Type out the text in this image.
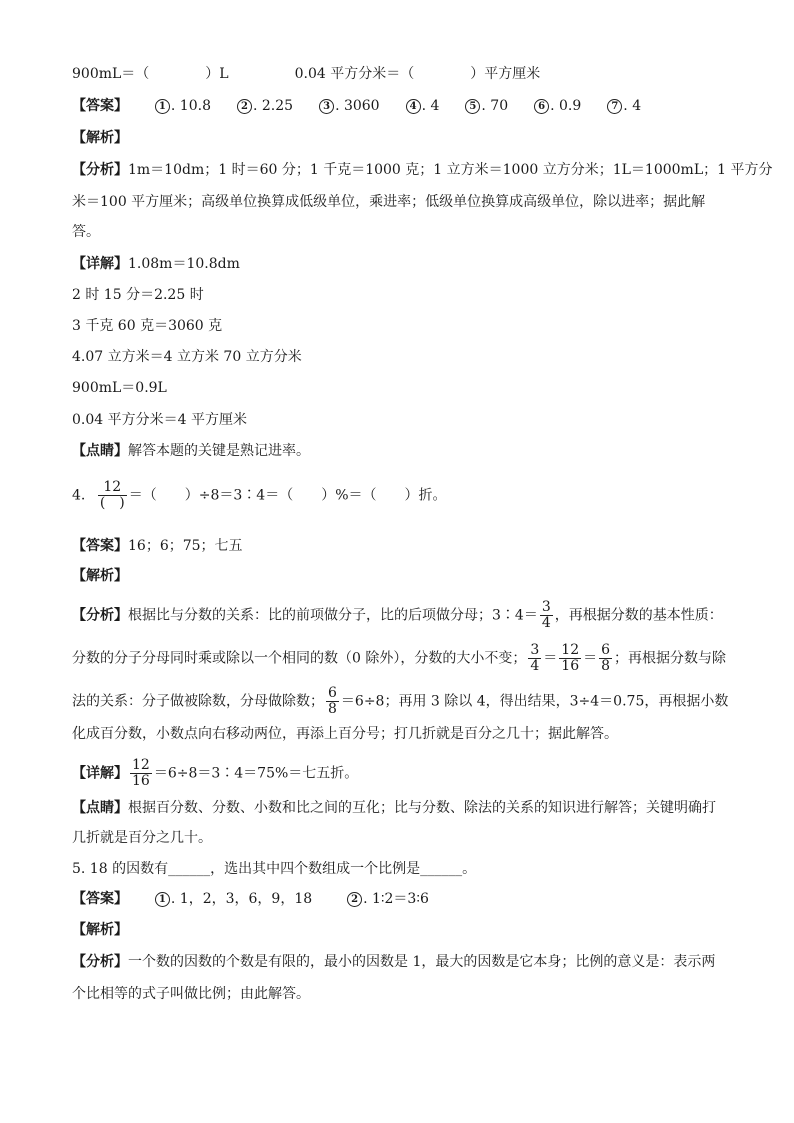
900mL＝（　　　　）L	0.04 平方分米＝（　　　　）平方厘米
【答案】	1 . 10.8	2 . 2.25	3 . 3060	4 . 4	5 . 70	6 . 0.9	7 . 4
【解析】
【分析】1m＝10dm；1 时＝60 分；1 千克＝1000 克；1 立方米＝1000 立方分米；1L＝1000mL；1 平方分
米＝100 平方厘米；高级单位换算成低级单位，乘进率；低级单位换算成高级单位，除以进率；据此解
答。
【详解】1.08m＝10.8dm
2 时 15 分＝2.25 时
3 千克 60 克＝3060 克
4.07 立方米＝4 立方米 70 立方分米
900mL＝0.9L
0.04 平方分米＝4 平方厘米
【点睛】解答本题的关键是熟记进率。
4. $\frac{12}{( )}$ ＝（　　）÷8＝3∶4＝（　　）%＝（　　）折。
【答案】16；6；75；七五
【解析】
【分析】根据比与分数的关系：比的前项做分子，比的后项做分母；3∶4＝ $\frac{3}{4}$ ，再根据分数的基本性质：
分数的分子分母同时乘或除以一个相同的数（0 除外），分数的大小不变； $\frac{3}{4} = \frac{12}{16} = \frac{6}{8}$ ；再根据分数与除
法的关系：分子做被除数，分母做除数； $\frac{6}{8} =6\div 8$；再用 3 除以 4，得出结果，3÷4＝0.75，再根据小数
化成百分数，小数点向右移动两位，再添上百分号；打几折就是百分之几十；据此解答。
【详解】 $\frac{12}{16}$ ＝6÷8＝3∶4＝75%＝七五折。
【点睛】根据百分数、分数、小数和比之间的互化；比与分数、除法的关系的知识进行解答；关键明确打
几折就是百分之几十。
5. 18 的因数有______，选出其中四个数组成一个比例是______。
【答案】	1 . 1，2，3，6，9，18	2 . 1∶2＝3∶6
【解析】
【分析】一个数的因数的个数是有限的，最小的因数是 1，最大的因数是它本身；比例的意义是：表示两
个比相等的式子叫做比例；由此解答。
